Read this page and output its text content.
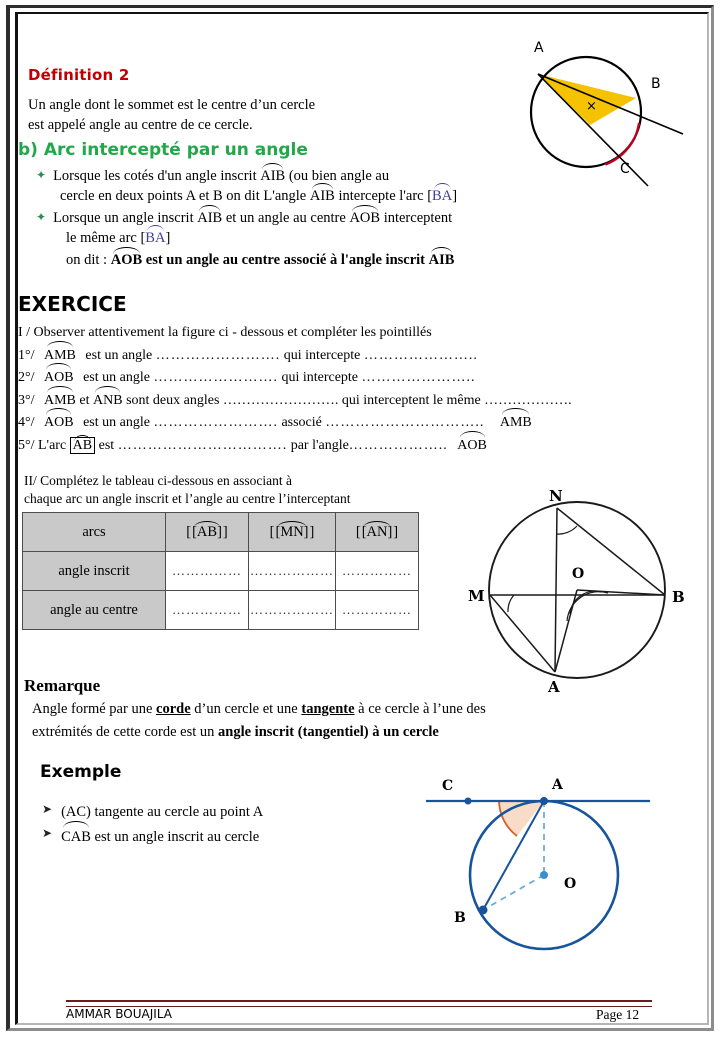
Définition 2
Un angle dont le sommet est le centre d’un cercle
est appelé angle au centre de ce cercle.
A
B
C
×
b) Arc intercepté par un angle
✦ Lorsque les cotés d'un angle inscrit AIB (ou bien angle au
cercle en deux points A et B on dit L'angle AIB intercepte l'arc [BA]
✦ Lorsque un angle inscrit AIB et un angle au centre AOB interceptent
le même arc [BA]
on dit : AOB est un angle au centre associé à l'angle inscrit AIB
EXERCICE
I / Observer attentivement la figure ci - dessous et compléter les pointillés
1°/ AMB est un angle ……………………. qui intercepte …………………..
2°/ AOB est un angle ……………………. qui intercepte …………………..
3°/ AMB et ANB sont deux angles ……………………. qui interceptent le même ……………….
4°/ AOB est un angle ……………………. associé ………………………….. AMB
5°/ L'arc AB est ……………………………. par l'angle……………….. AOB
II/ Complétez le tableau ci-dessous en associant à
chaque arc un angle inscrit et l’angle au centre l’interceptant
arcs	[[AB]]	[[MN]]	[[AN]]
angle inscrit	……………	………………	……………
angle au centre	……………	………………	……………
N
M
O
A
B
Remarque
Angle formé par une corde d’un cercle et une tangente à ce cercle à l’une des
extrémités de cette corde est un angle inscrit (tangentiel) à un cercle
Exemple
➤ (AC) tangente au cercle au point A
➤ CAB est un angle inscrit au cercle
C	A
B
O
AMMAR BOUAJILA	Page 12
